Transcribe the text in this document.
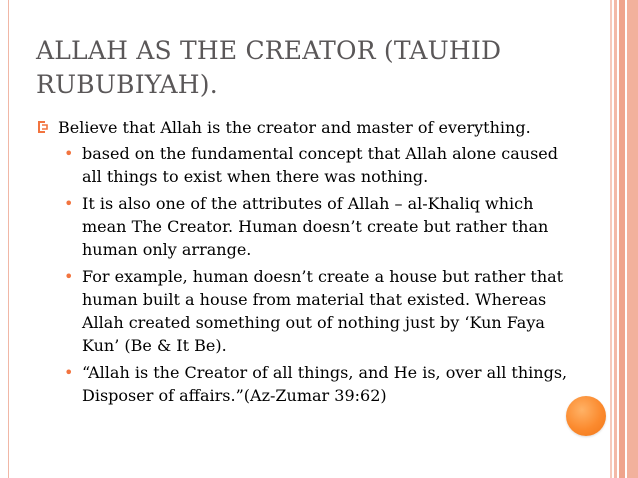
ALLAH AS THE CREATOR (TAUHID RUBUBIYAH).
Believe that Allah is the creator and master of everything.
• based on the fundamental concept that Allah alone caused all things to exist when there was nothing.
• It is also one of the attributes of Allah – al-Khaliq which mean The Creator. Human doesn’t create but rather than human only arrange.
• For example, human doesn’t create a house but rather that human built a house from material that existed. Whereas Allah created something out of nothing just by ‘Kun Faya Kun’ (Be & It Be).
• “Allah is the Creator of all things, and He is, over all things, Disposer of affairs.”(Az-Zumar 39:62)
